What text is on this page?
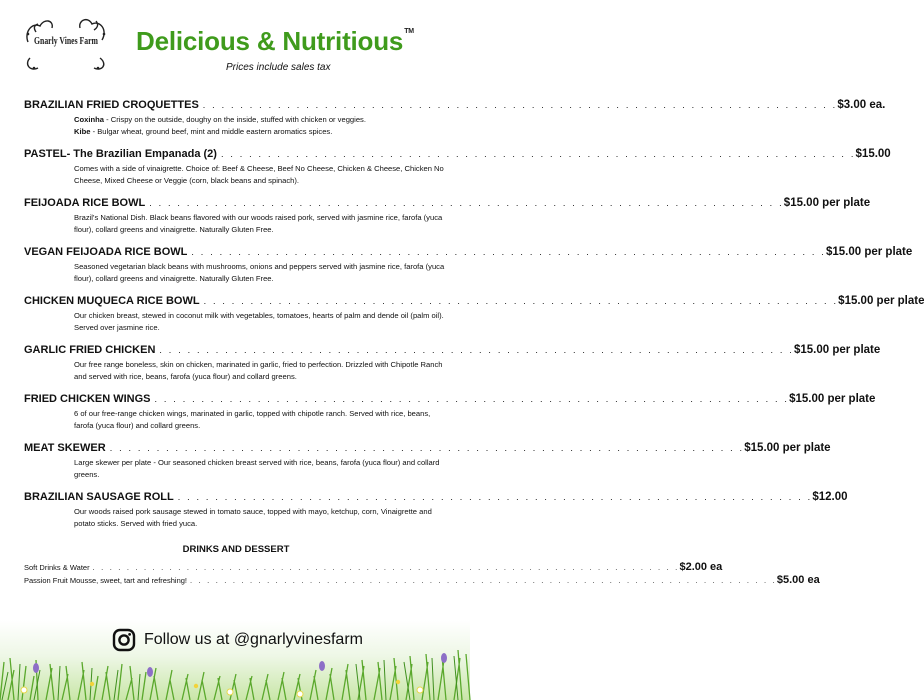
Gnarly Vines Farm Delicious & Nutritious™
Prices include sales tax
BRAZILIAN FRIED CROQUETTES . . .	$3.00 ea.
Coxinha - Crispy on the outside, doughy on the inside, stuffed with chicken or veggies.
Kibe - Bulgar wheat, ground beef, mint and middle eastern aromatics spices.
PASTEL - The Brazilian Empanada (2) . . .	$15.00
Comes with a side of vinaigrette. Choice of: Beef & Cheese, Beef No Cheese, Chicken & Cheese, Chicken No Cheese, Mixed Cheese or Veggie (corn, black beans and spinach).
FEIJOADA RICE BOWL . . .	$15.00 per plate
Brazil's National Dish. Black beans flavored with our woods raised pork, served with jasmine rice, farofa (yuca flour), collard greens and vinaigrette. Naturally Gluten Free.
VEGAN FEIJOADA RICE BOWL . . .	$15.00 per plate
Seasoned vegetarian black beans with mushrooms, onions and peppers served with jasmine rice, farofa (yuca flour), collard greens and vinaigrette. Naturally Gluten Free.
CHICKEN MUQUECA RICE BOWL . . .	$15.00 per plate
Our chicken breast, stewed in coconut milk with vegetables, tomatoes, hearts of palm and dende oil (palm oil). Served over jasmine rice.
GARLIC FRIED CHICKEN . . .	$15.00 per plate
Our free range boneless, skin on chicken, marinated in garlic, fried to perfection. Drizzled with Chipotle Ranch and served with rice, beans, farofa (yuca flour) and collard greens.
FRIED CHICKEN WINGS . . .	$15.00 per plate
6 of our free-range chicken wings, marinated in garlic, topped with chipotle ranch. Served with rice, beans, farofa (yuca flour) and collard greens.
MEAT SKEWER . . .	$15.00 per plate
Large skewer per plate - Our seasoned chicken breast served with rice, beans, farofa (yuca flour) and collard greens.
BRAZILIAN SAUSAGE ROLL . . .	$12.00
Our woods raised pork sausage stewed in tomato sauce, topped with mayo, ketchup, corn, Vinaigrette and potato sticks. Served with fried yuca.
DRINKS AND DESSERT
Soft Drinks & Water . . .	$2.00 ea
Passion Fruit Mousse, sweet, tart and refreshing! . . .	$5.00 ea
Follow us at @gnarlyvinesfarm
